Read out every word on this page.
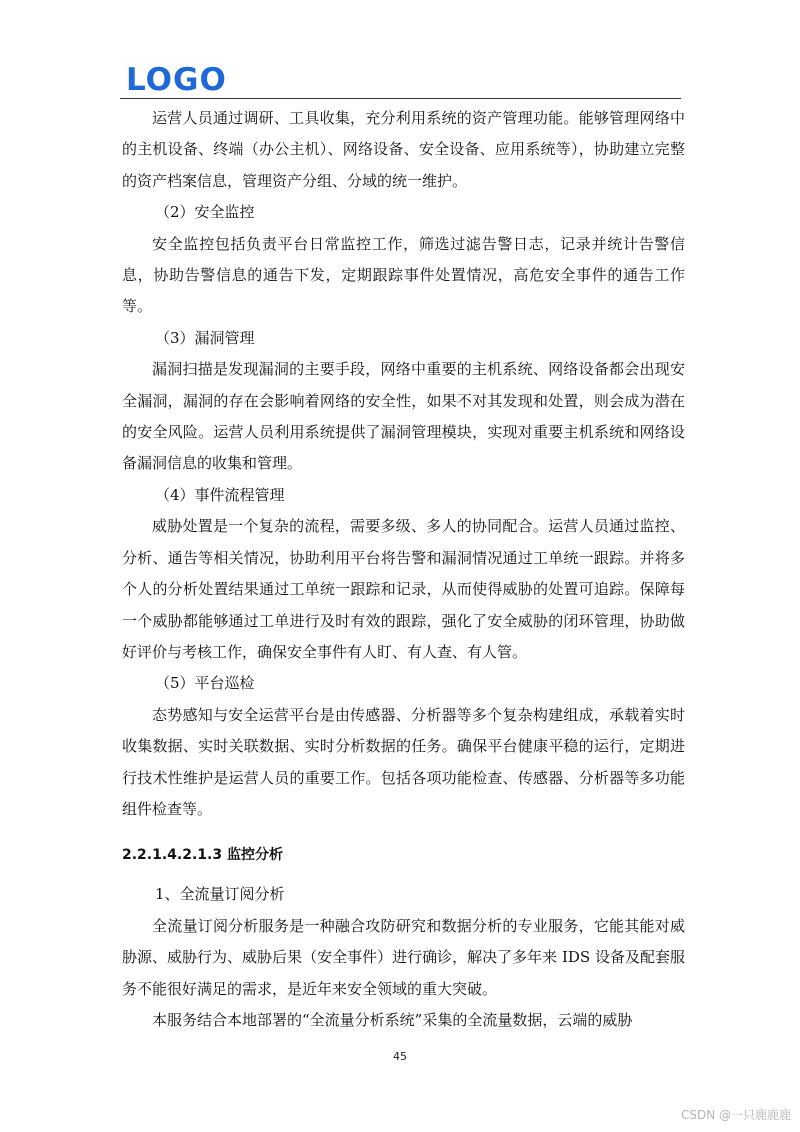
LOGO

运营人员通过调研、工具收集，充分利用系统的资产管理功能。能够管理网络中的主机设备、终端（办公主机）、网络设备、安全设备、应用系统等），协助建立完整的资产档案信息，管理资产分组、分域的统一维护。

（2）安全监控

安全监控包括负责平台日常监控工作，筛选过滤告警日志，记录并统计告警信息，协助告警信息的通告下发，定期跟踪事件处置情况，高危安全事件的通告工作等。

（3）漏洞管理

漏洞扫描是发现漏洞的主要手段，网络中重要的主机系统、网络设备都会出现安全漏洞，漏洞的存在会影响着网络的安全性，如果不对其发现和处置，则会成为潜在的安全风险。运营人员利用系统提供了漏洞管理模块，实现对重要主机系统和网络设备漏洞信息的收集和管理。

（4）事件流程管理

威胁处置是一个复杂的流程，需要多级、多人的协同配合。运营人员通过监控、分析、通告等相关情况，协助利用平台将告警和漏洞情况通过工单统一跟踪。并将多个人的分析处置结果通过工单统一跟踪和记录，从而使得威胁的处置可追踪。保障每一个威胁都能够通过工单进行及时有效的跟踪，强化了安全威胁的闭环管理，协助做好评价与考核工作，确保安全事件有人盯、有人查、有人管。

（5）平台巡检

态势感知与安全运营平台是由传感器、分析器等多个复杂构建组成，承载着实时收集数据、实时关联数据、实时分析数据的任务。确保平台健康平稳的运行，定期进行技术性维护是运营人员的重要工作。包括各项功能检查、传感器、分析器等多功能组件检查等。

2.2.1.4.2.1.3 监控分析

1、全流量订阅分析

全流量订阅分析服务是一种融合攻防研究和数据分析的专业服务，它能其能对威胁源、威胁行为、威胁后果（安全事件）进行确诊，解决了多年来 IDS 设备及配套服务不能很好满足的需求，是近年来安全领域的重大突破。

本服务结合本地部署的“全流量分析系统”采集的全流量数据，云端的威胁

45
CSDN @一只鹿鹿鹿
